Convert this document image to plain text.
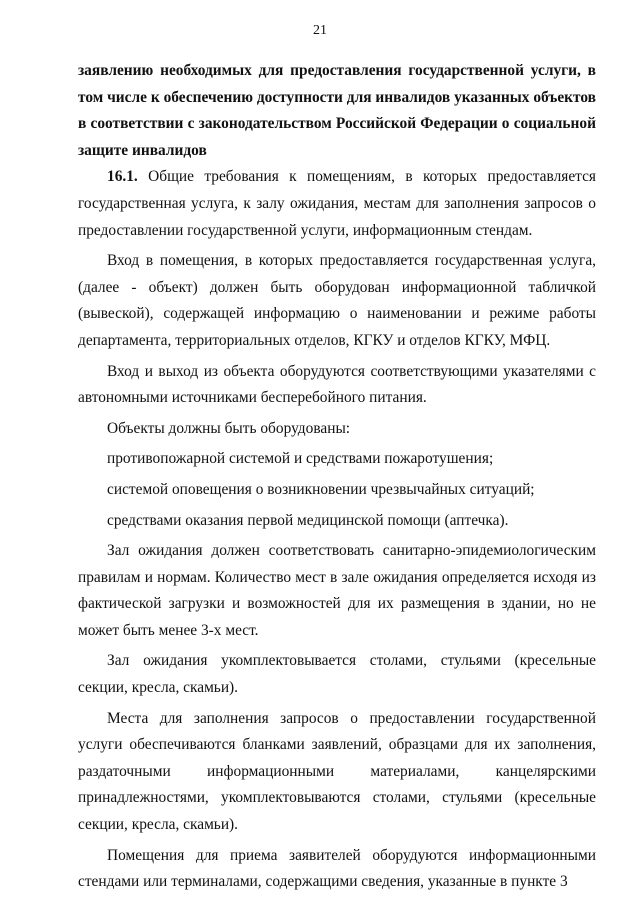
21

заявлению необходимых для предоставления государственной услуги, в том числе к обеспечению доступности для инвалидов указанных объектов в соответствии с законодательством Российской Федерации о социальной защите инвалидов

16.1. Общие требования к помещениям, в которых предоставляется государственная услуга, к залу ожидания, местам для заполнения запросов о предоставлении государственной услуги, информационным стендам.

Вход в помещения, в которых предоставляется государственная услуга, (далее - объект) должен быть оборудован информационной табличкой (вывеской), содержащей информацию о наименовании и режиме работы департамента, территориальных отделов, КГКУ и отделов КГКУ, МФЦ.

Вход и выход из объекта оборудуются соответствующими указателями с автономными источниками бесперебойного питания.

Объекты должны быть оборудованы:

противопожарной системой и средствами пожаротушения;

системой оповещения о возникновении чрезвычайных ситуаций;

средствами оказания первой медицинской помощи (аптечка).

Зал ожидания должен соответствовать санитарно-эпидемиологическим правилам и нормам. Количество мест в зале ожидания определяется исходя из фактической загрузки и возможностей для их размещения в здании, но не может быть менее 3-х мест.

Зал ожидания укомплектовывается столами, стульями (кресельные секции, кресла, скамьи).

Места для заполнения запросов о предоставлении государственной услуги обеспечиваются бланками заявлений, образцами для их заполнения, раздаточными информационными материалами, канцелярскими принадлежностями, укомплектовываются столами, стульями (кресельные секции, кресла, скамьи).

Помещения для приема заявителей оборудуются информационными стендами или терминалами, содержащими сведения, указанные в пункте 3
